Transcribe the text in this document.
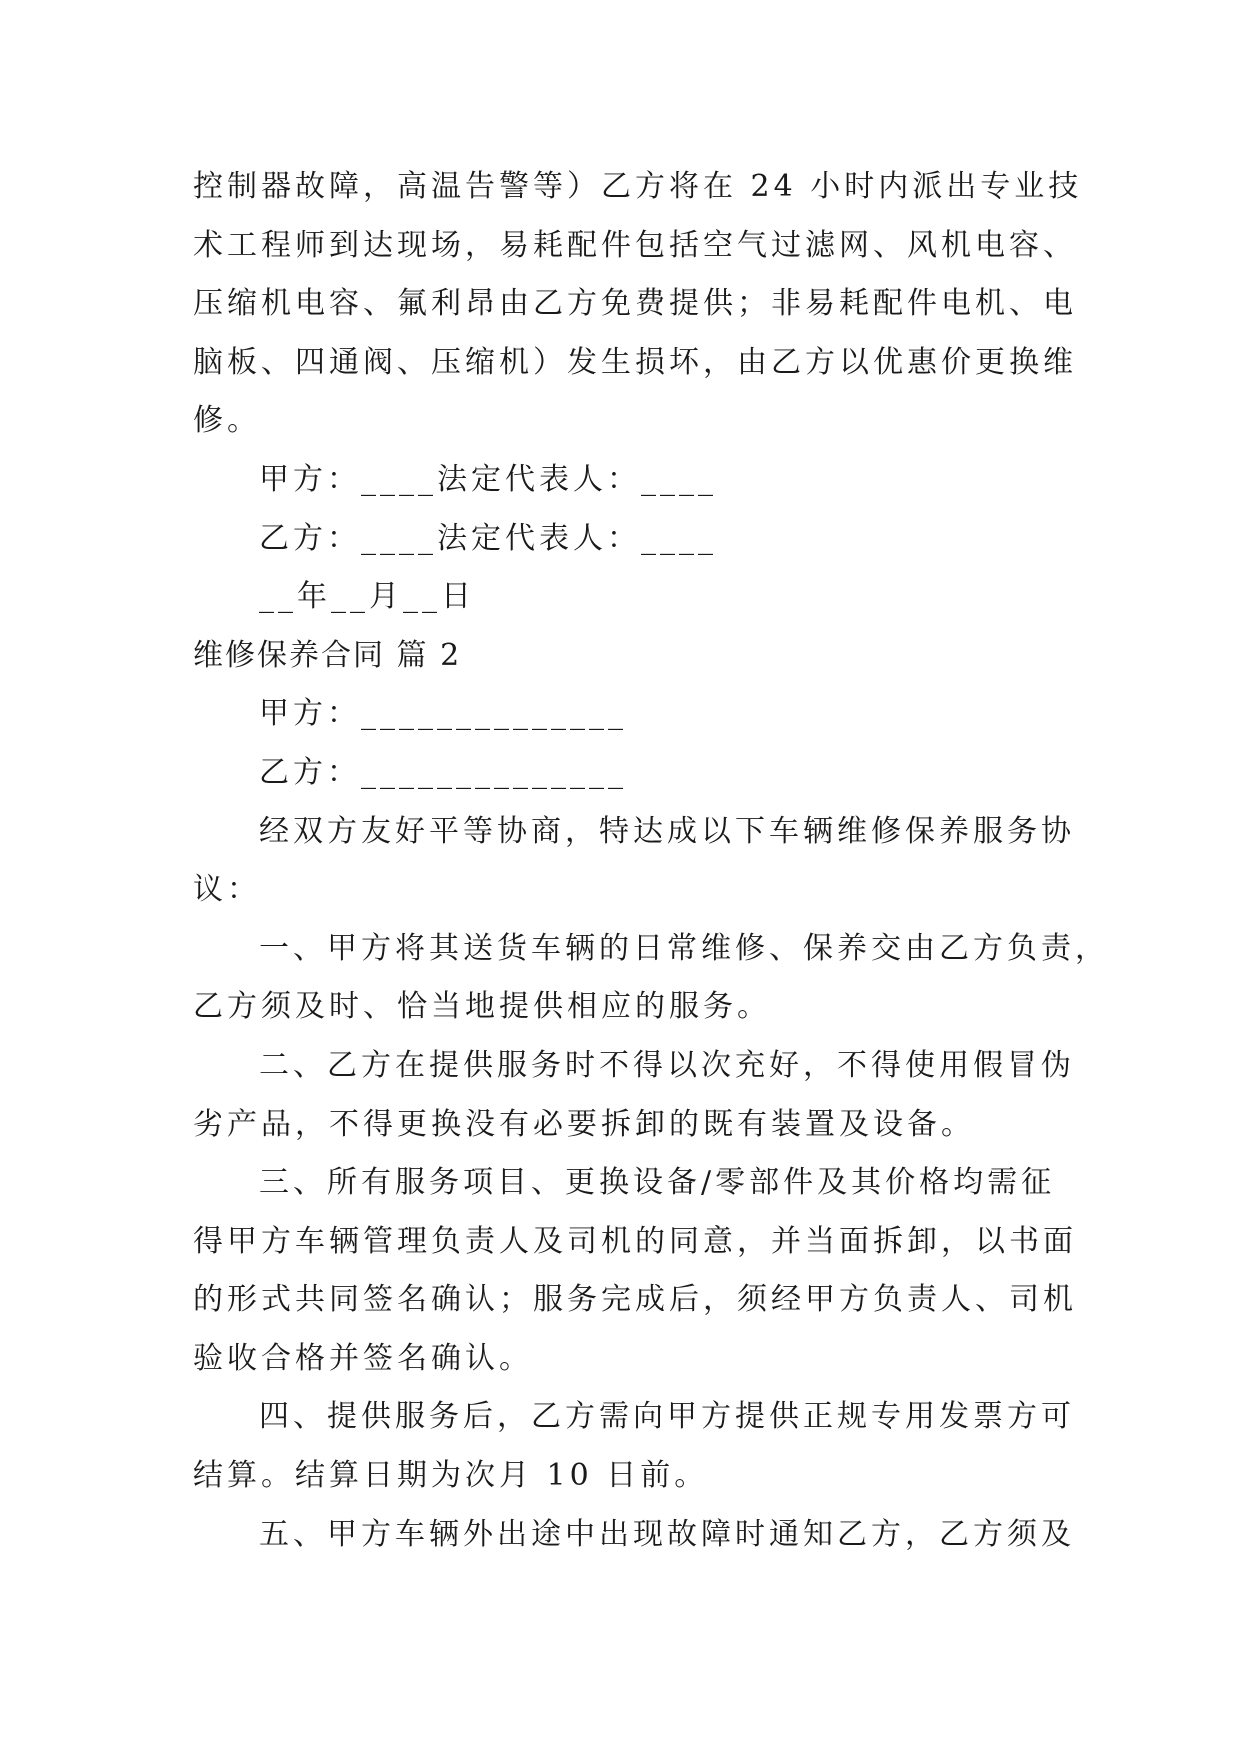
控制器故障，高温告警等）乙方将在 24 小时内派出专业技
术工程师到达现场，易耗配件包括空气过滤网、风机电容、
压缩机电容、氟利昂由乙方免费提供；非易耗配件电机、电
脑板、四通阀、压缩机）发生损坏，由乙方以优惠价更换维
修。
甲方：____法定代表人：____
乙方：____法定代表人：____
__年__月__日
维修保养合同 篇 2
甲方：______________
乙方：______________
经双方友好平等协商，特达成以下车辆维修保养服务协
议：
一、甲方将其送货车辆的日常维修、保养交由乙方负责，
乙方须及时、恰当地提供相应的服务。
二、乙方在提供服务时不得以次充好，不得使用假冒伪
劣产品，不得更换没有必要拆卸的既有装置及设备。
三、所有服务项目、更换设备/零部件及其价格均需征
得甲方车辆管理负责人及司机的同意，并当面拆卸，以书面
的形式共同签名确认；服务完成后，须经甲方负责人、司机
验收合格并签名确认。
四、提供服务后，乙方需向甲方提供正规专用发票方可
结算。结算日期为次月 10 日前。
五、甲方车辆外出途中出现故障时通知乙方，乙方须及
